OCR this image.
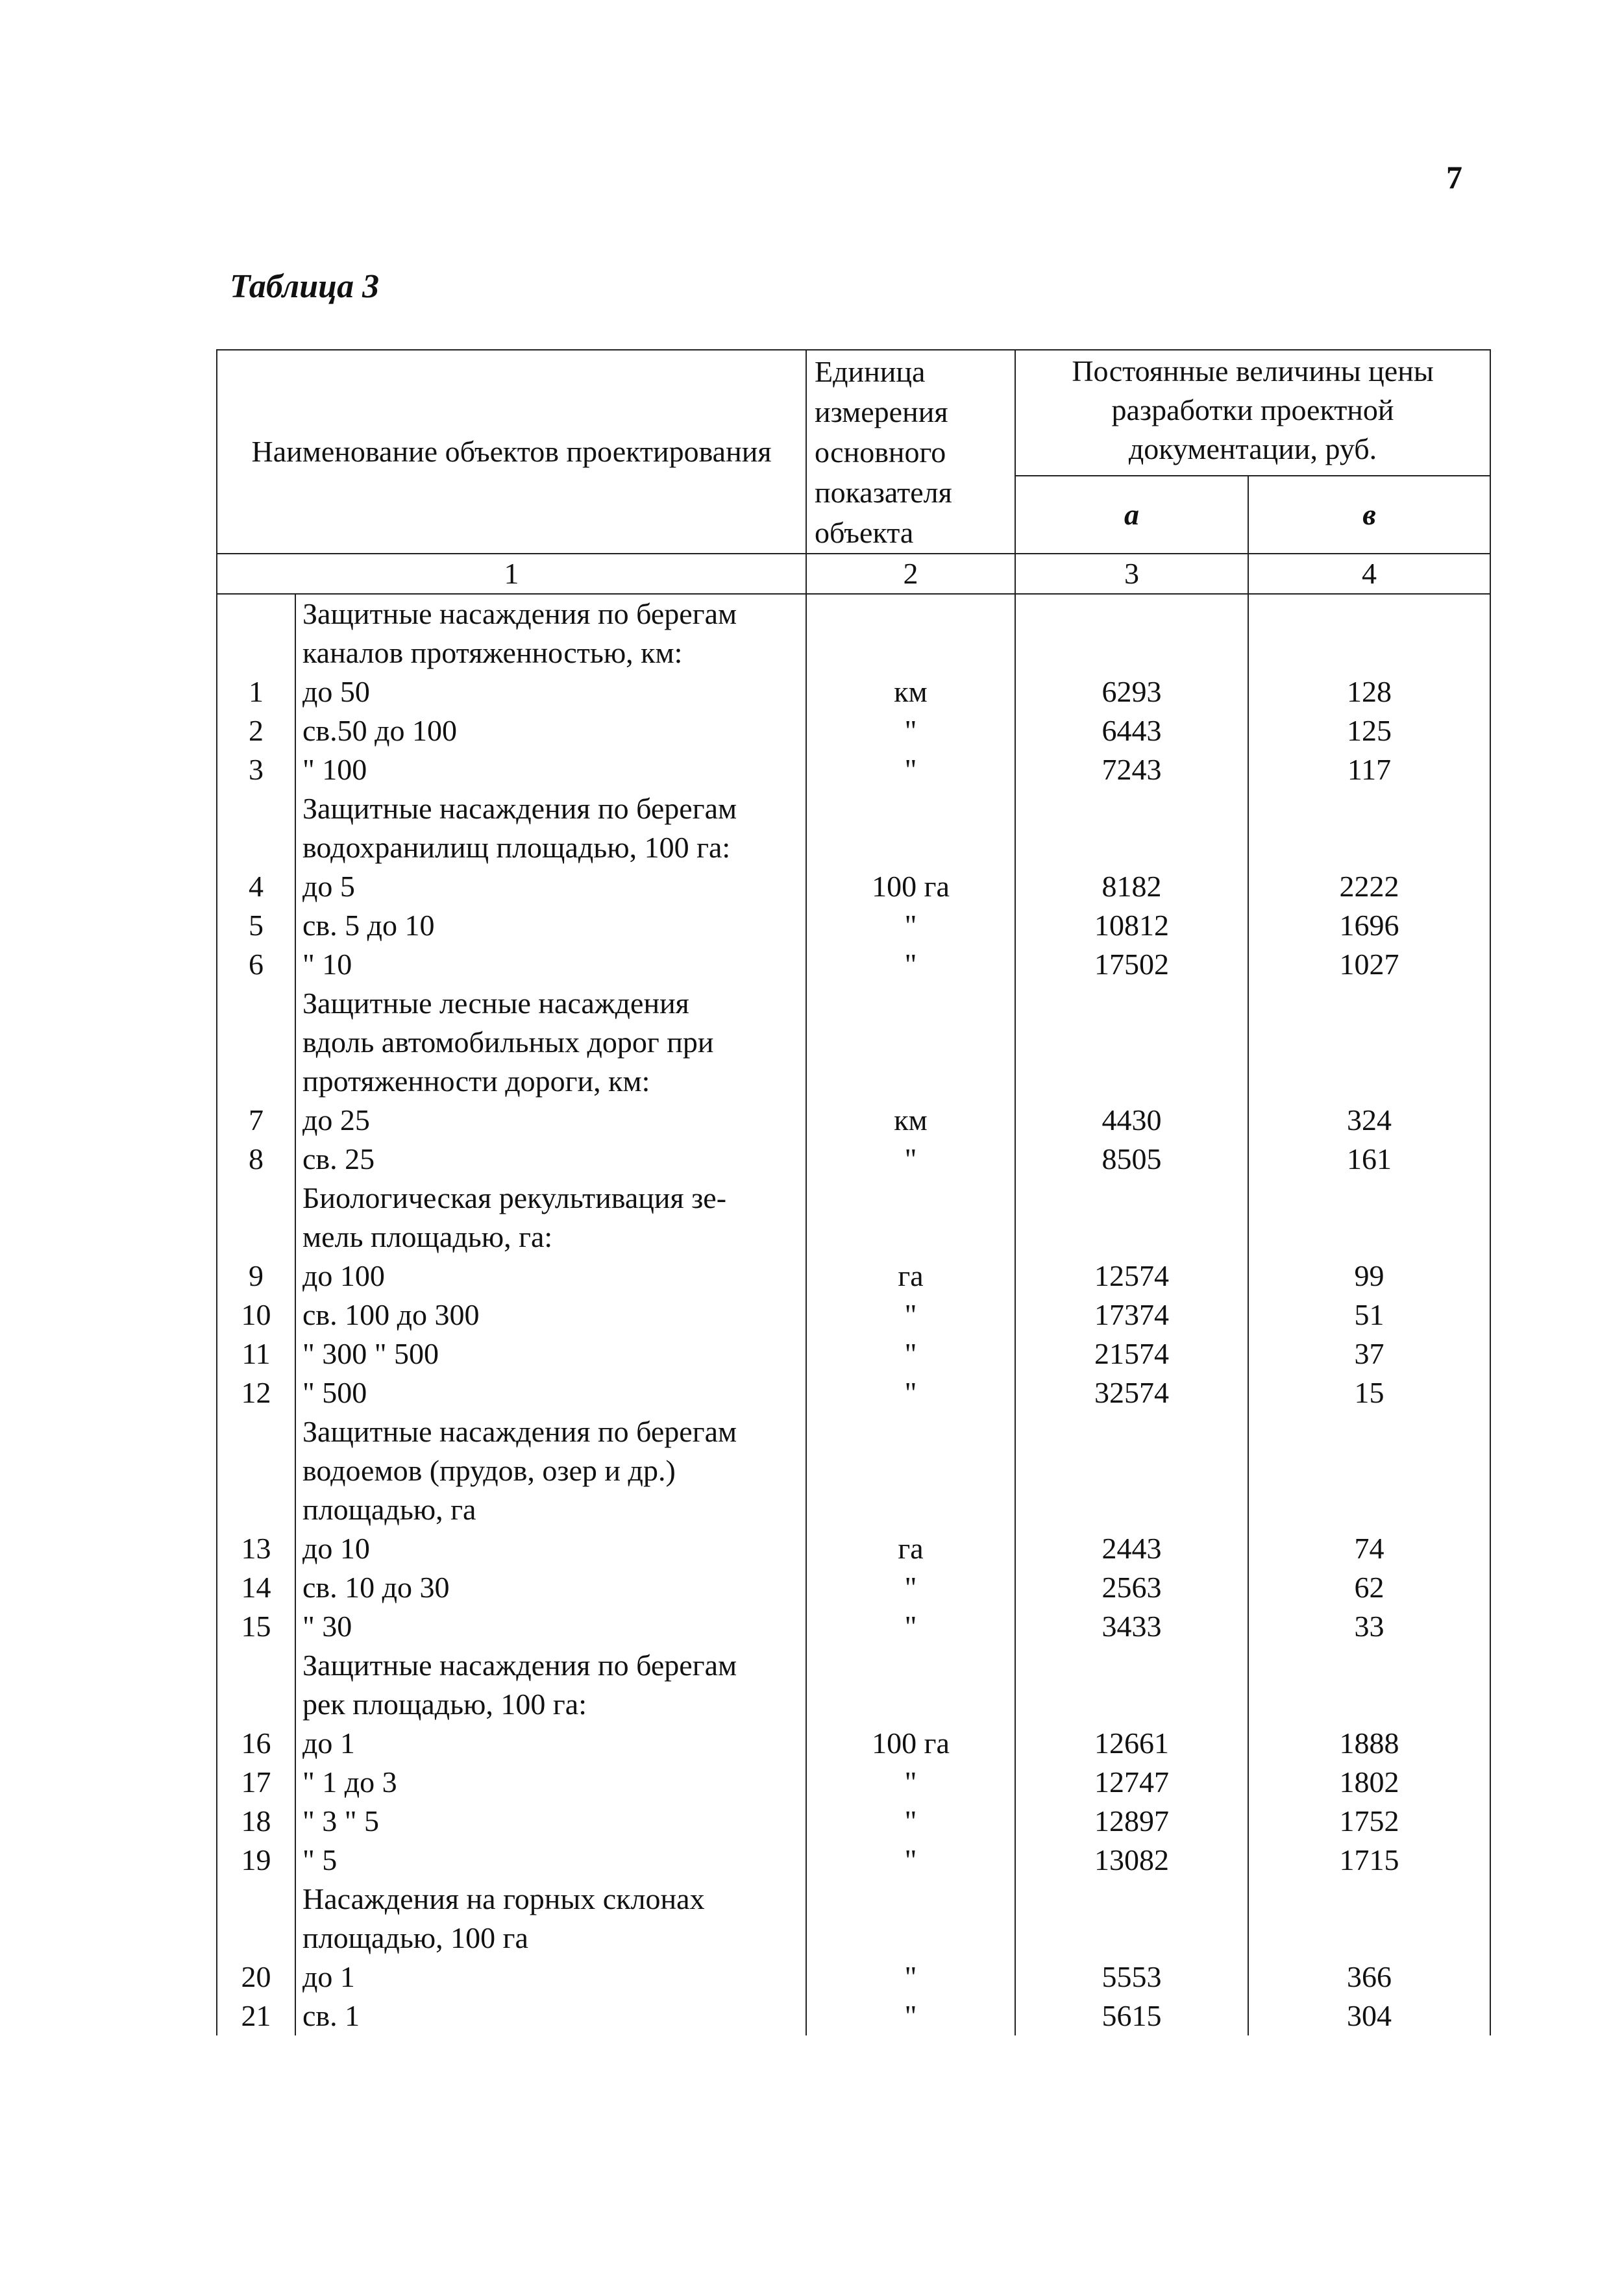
7
Таблица 3
Наименование объектов проектирования		Единица измерения основного показателя объекта	Постоянные величины цены разработки проектной документации, руб.	
			а	в
1		2	3	4
	Защитные насаждения по берегам			
	каналов протяженностью, км:			
1	до 50	км	6293	128
2	св.50 до 100	"	6443	125
3	" 100	"	7243	117
	Защитные насаждения по берегам			
	водохранилищ площадью, 100 га:			
4	до 5	100 га	8182	2222
5	св. 5 до 10	"	10812	1696
6	" 10	"	17502	1027
	Защитные лесные насаждения			
	вдоль автомобильных дорог при			
	протяженности дороги, км:			
7	до 25	км	4430	324
8	св. 25	"	8505	161
	Биологическая рекультивация зе-			
	мель площадью, га:			
9	до 100	га	12574	99
10	св. 100 до 300	"	17374	51
11	" 300 " 500	"	21574	37
12	" 500	"	32574	15
	Защитные насаждения по берегам			
	водоемов (прудов, озер и др.)			
	площадью, га			
13	до 10	га	2443	74
14	св. 10 до 30	"	2563	62
15	" 30	"	3433	33
	Защитные насаждения по берегам			
	рек площадью, 100 га:			
16	до 1	100 га	12661	1888
17	" 1 до 3	"	12747	1802
18	" 3 " 5	"	12897	1752
19	" 5	"	13082	1715
	Насаждения на горных склонах			
	площадью, 100 га			
20	до 1	"	5553	366
21	св. 1	"	5615	304
